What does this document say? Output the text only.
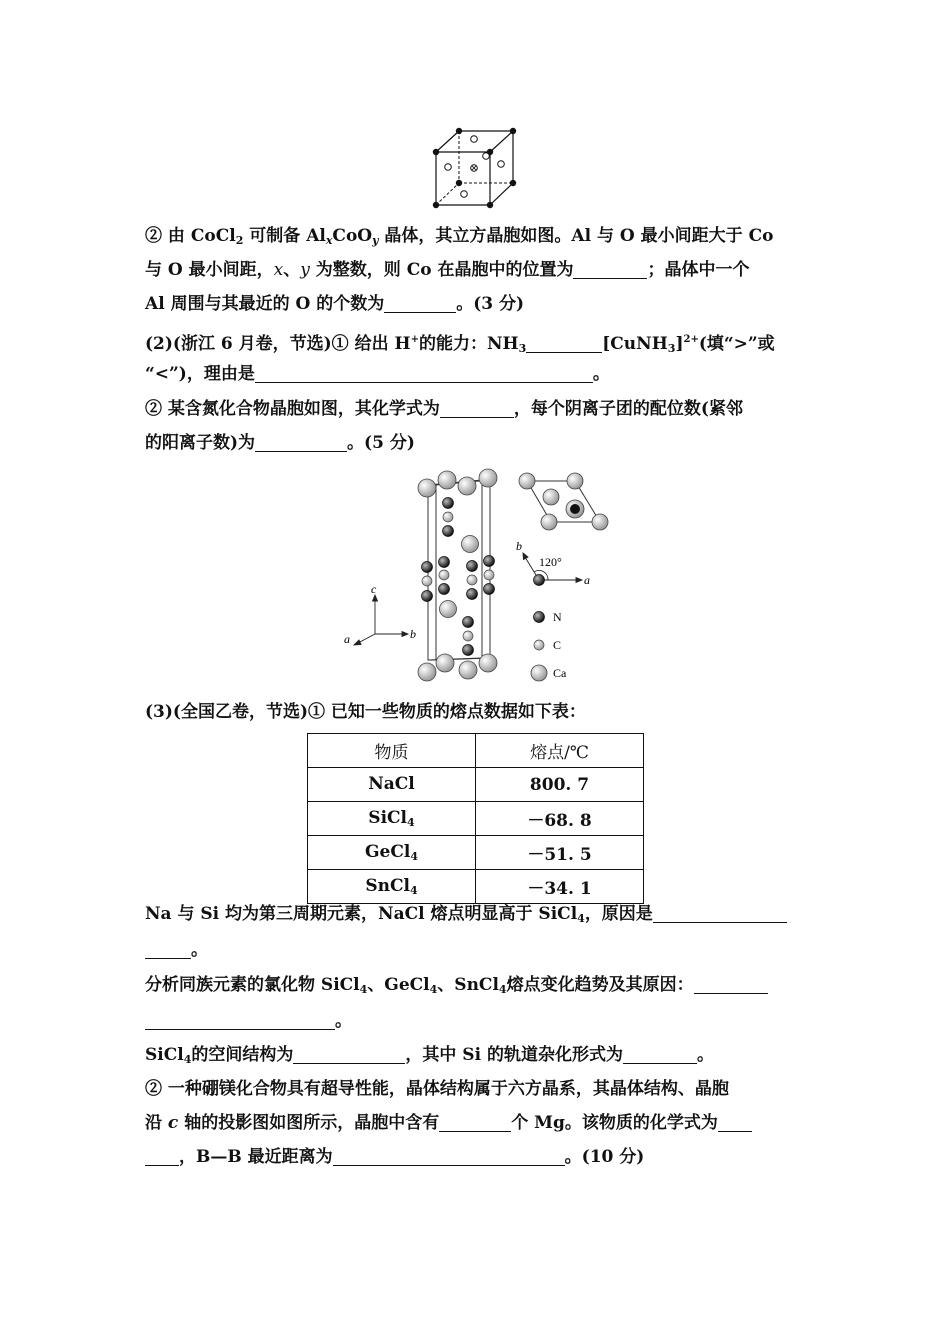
② 由 CoCl$_2$ 可制备 $Al_xCoO_y$ 晶体，其立方晶胞如图。Al 与 O 最小间距大于 Co
与 O 最小间距，x、y 为整数，则 Co 在晶胞中的位置为	；晶体中一个
Al 周围与其最近的 O 的个数为	。(3 分)
(2)(浙江 6 月卷，节选)① 给出 H+的能力：$NH_3$	[CuNH$_3$]$^{2+}$(填“>”或
“<”)，理由是	。
② 某含氮化合物晶胞如图，其化学式为	，每个阴离子团的配位数(紧邻
的阳离子数)为	。(5 分)
c
a	b
b
120°
a
N
C
Ca
(3)(全国乙卷，节选)① 已知一些物质的熔点数据如下表：
物质	熔点/℃
NaCl	800. 7
SiCl$_4$	－68. 8
GeCl$_4$	－51. 5
SnCl$_4$	－34. 1
Na 与 Si 均为第三周期元素，NaCl 熔点明显高于 SiCl$_4$，原因是
。
分析同族元素的氯化物 SiCl$_4$、GeCl$_4$、SnCl$_4$熔点变化趋势及其原因：
。
SiCl$_4$的空间结构为	，其中 Si 的轨道杂化形式为	。
② 一种硼镁化合物具有超导性能，晶体结构属于六方晶系，其晶体结构、晶胞
沿 c 轴的投影图如图所示，晶胞中含有	个 Mg。该物质的化学式为
，B—B 最近距离为	。(10 分)
